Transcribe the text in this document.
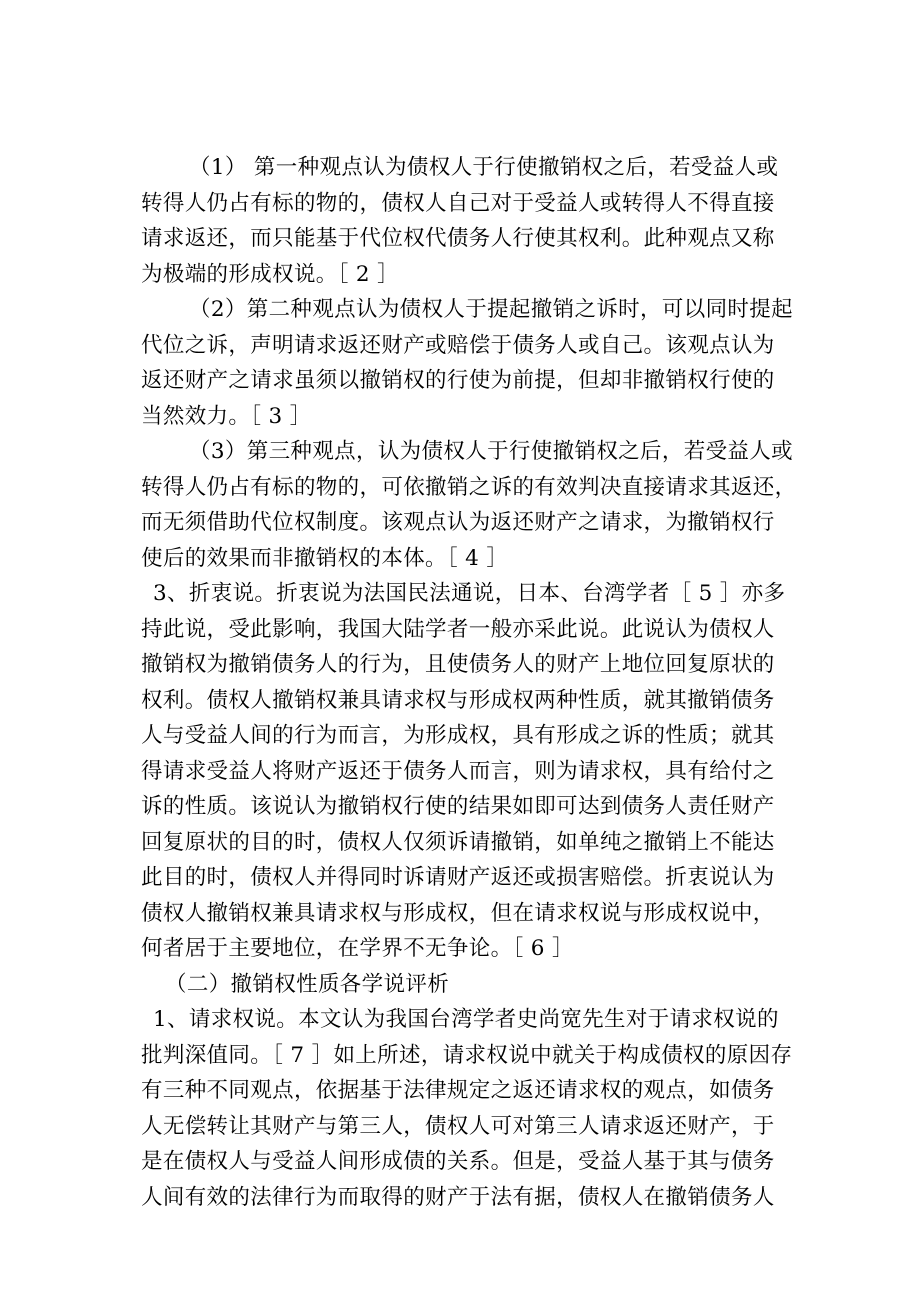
（1） 第一种观点认为债权人于行使撤销权之后，若受益人或
转得人仍占有标的物的，债权人自己对于受益人或转得人不得直接
请求返还，而只能基于代位权代债务人行使其权利。此种观点又称
为极端的形成权说。［ 2 ］
（2）第二种观点认为债权人于提起撤销之诉时，可以同时提起
代位之诉，声明请求返还财产或赔偿于债务人或自己。该观点认为
返还财产之请求虽须以撤销权的行使为前提，但却非撤销权行使的
当然效力。［ 3 ］
（3）第三种观点，认为债权人于行使撤销权之后，若受益人或
转得人仍占有标的物的，可依撤销之诉的有效判决直接请求其返还，
而无须借助代位权制度。该观点认为返还财产之请求，为撤销权行
使后的效果而非撤销权的本体。［ 4 ］
3、折衷说。折衷说为法国民法通说，日本、台湾学者［ 5 ］亦多
持此说，受此影响，我国大陆学者一般亦采此说。此说认为债权人
撤销权为撤销债务人的行为，且使债务人的财产上地位回复原状的
权利。债权人撤销权兼具请求权与形成权两种性质，就其撤销债务
人与受益人间的行为而言，为形成权，具有形成之诉的性质；就其
得请求受益人将财产返还于债务人而言，则为请求权，具有给付之
诉的性质。该说认为撤销权行使的结果如即可达到债务人责任财产
回复原状的目的时，债权人仅须诉请撤销，如单纯之撤销上不能达
此目的时，债权人并得同时诉请财产返还或损害赔偿。折衷说认为
债权人撤销权兼具请求权与形成权，但在请求权说与形成权说中，
何者居于主要地位，在学界不无争论。［ 6 ］
（二）撤销权性质各学说评析
1、请求权说。本文认为我国台湾学者史尚宽先生对于请求权说的
批判深值同。［ 7 ］如上所述，请求权说中就关于构成债权的原因存
有三种不同观点，依据基于法律规定之返还请求权的观点，如债务
人无偿转让其财产与第三人，债权人可对第三人请求返还财产，于
是在债权人与受益人间形成债的关系。但是，受益人基于其与债务
人间有效的法律行为而取得的财产于法有据，债权人在撤销债务人
